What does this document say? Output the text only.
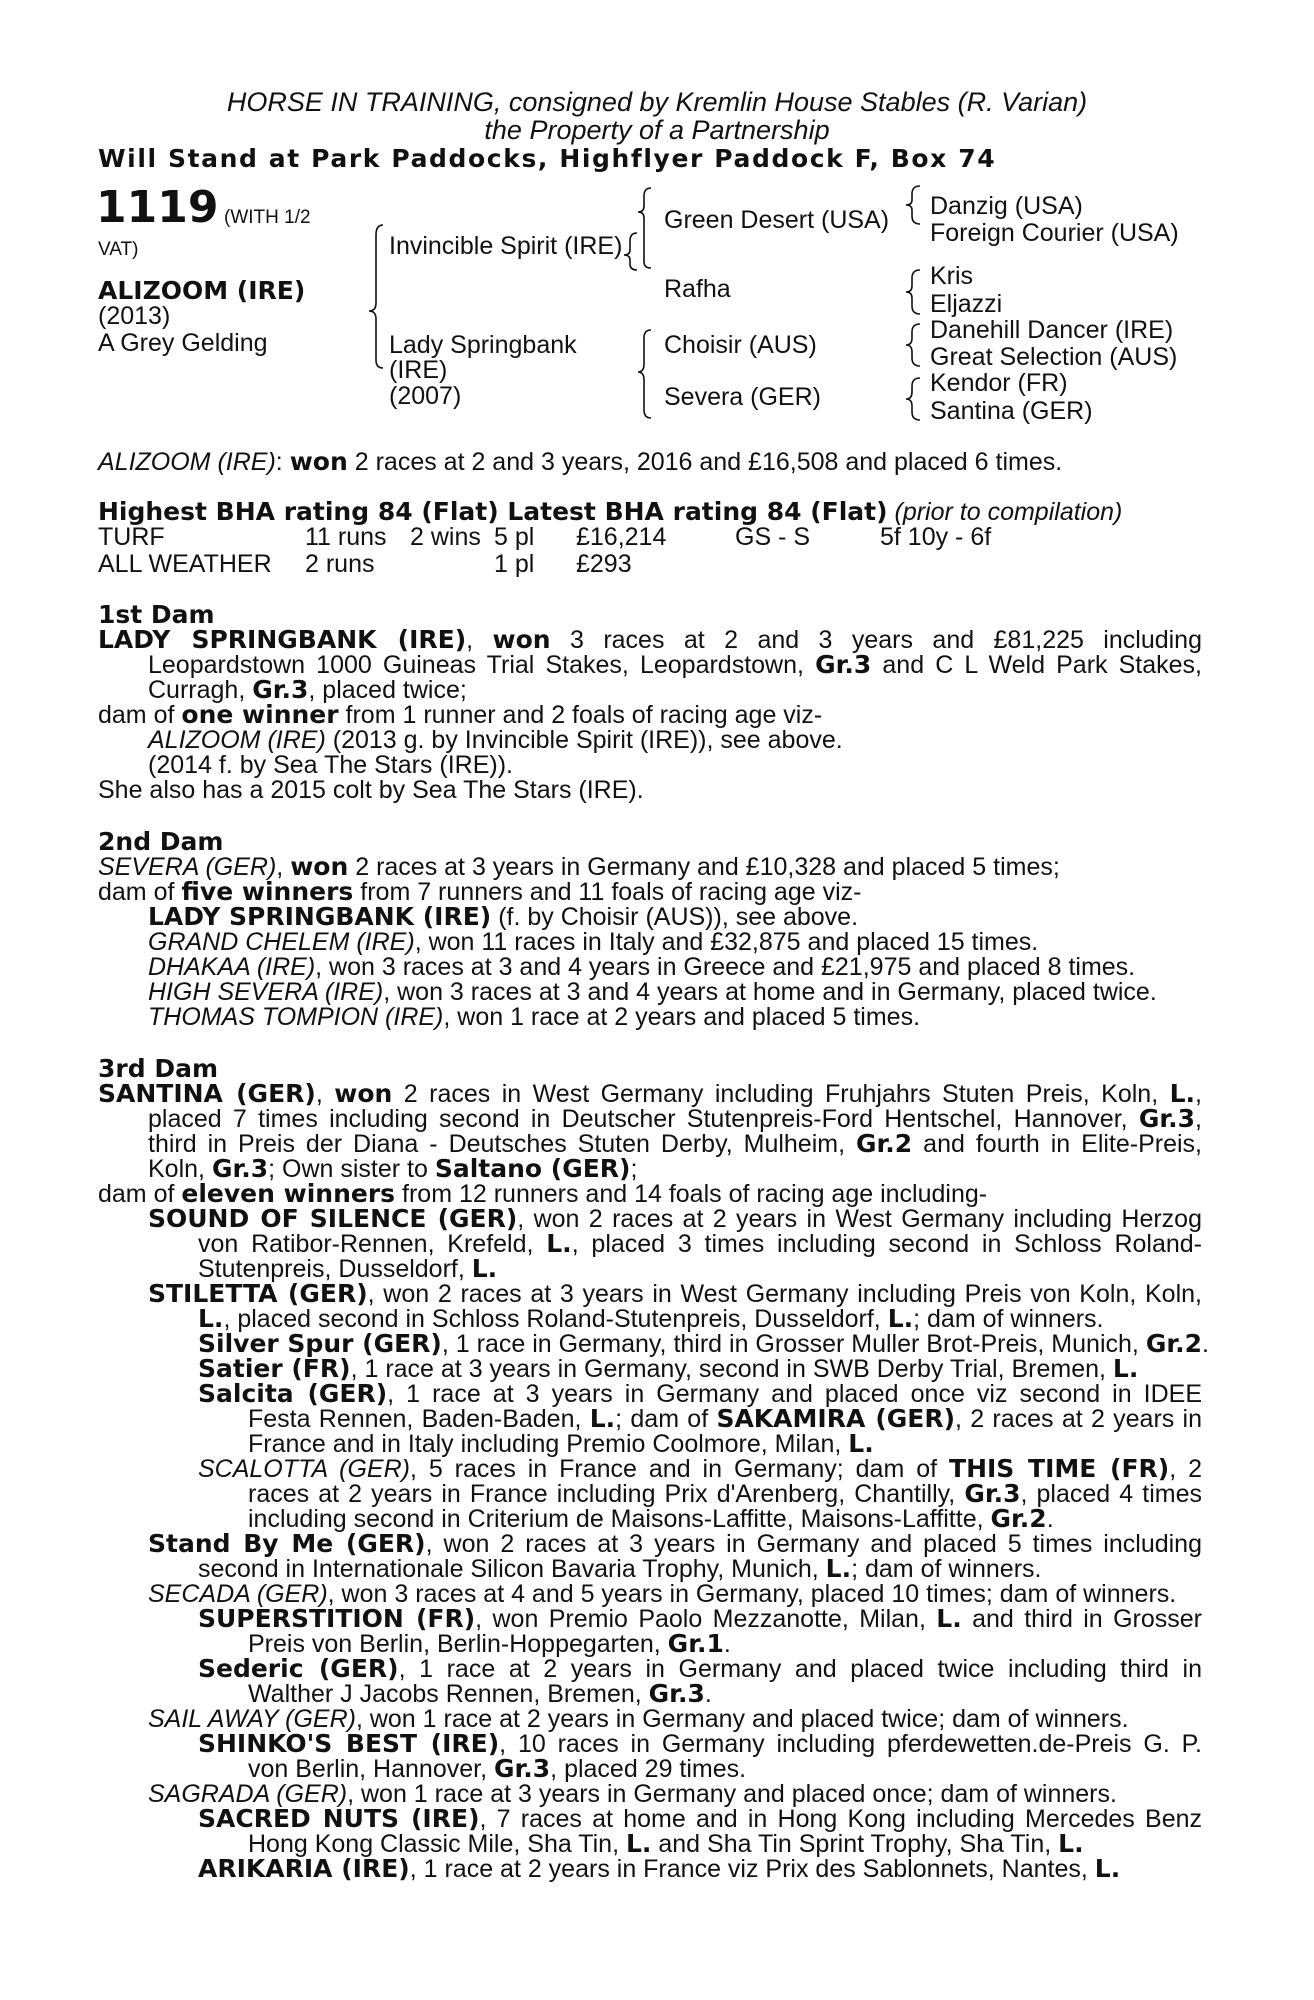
HORSE IN TRAINING, consigned by Kremlin House Stables (R. Varian)
the Property of a Partnership
Will Stand at Park Paddocks, Highflyer Paddock F, Box 74
1119 (WITH 1/2
VAT)
ALIZOOM (IRE)
(2013)
A Grey Gelding
Invincible Spirit (IRE)
Lady Springbank
(IRE)
(2007)
Green Desert (USA)
Rafha
Choisir (AUS)
Severa (GER)
Danzig (USA)
Foreign Courier (USA)
Kris
Eljazzi
Danehill Dancer (IRE)
Great Selection (AUS)
Kendor (FR)
Santina (GER)
ALIZOOM (IRE): won 2 races at 2 and 3 years, 2016 and £16,508 and placed 6 times.
Highest BHA rating 84 (Flat) Latest BHA rating 84 (Flat) (prior to compilation)
TURF	11 runs 2 wins 5 pl £16,214	GS - S	5f 10y - 6f
ALL WEATHER 2 runs	1 pl £293
1st Dam
LADY SPRINGBANK (IRE), won 3 races at 2 and 3 years and £81,225 including
Leopardstown 1000 Guineas Trial Stakes, Leopardstown, Gr.3 and C L Weld Park Stakes,
Curragh, Gr.3, placed twice;
dam of one winner from 1 runner and 2 foals of racing age viz-
ALIZOOM (IRE) (2013 g. by Invincible Spirit (IRE)), see above.
(2014 f. by Sea The Stars (IRE)).
She also has a 2015 colt by Sea The Stars (IRE).
2nd Dam
SEVERA (GER), won 2 races at 3 years in Germany and £10,328 and placed 5 times;
dam of five winners from 7 runners and 11 foals of racing age viz-
LADY SPRINGBANK (IRE) (f. by Choisir (AUS)), see above.
GRAND CHELEM (IRE), won 11 races in Italy and £32,875 and placed 15 times.
DHAKAA (IRE), won 3 races at 3 and 4 years in Greece and £21,975 and placed 8 times.
HIGH SEVERA (IRE), won 3 races at 3 and 4 years at home and in Germany, placed twice.
THOMAS TOMPION (IRE), won 1 race at 2 years and placed 5 times.
3rd Dam
SANTINA (GER), won 2 races in West Germany including Fruhjahrs Stuten Preis, Koln, L.,
placed 7 times including second in Deutscher Stutenpreis-Ford Hentschel, Hannover, Gr.3,
third in Preis der Diana - Deutsches Stuten Derby, Mulheim, Gr.2 and fourth in Elite-Preis,
Koln, Gr.3; Own sister to Saltano (GER);
dam of eleven winners from 12 runners and 14 foals of racing age including-
SOUND OF SILENCE (GER), won 2 races at 2 years in West Germany including Herzog
von Ratibor-Rennen, Krefeld, L., placed 3 times including second in Schloss Roland-
Stutenpreis, Dusseldorf, L.
STILETTA (GER), won 2 races at 3 years in West Germany including Preis von Koln, Koln,
L., placed second in Schloss Roland-Stutenpreis, Dusseldorf, L.; dam of winners.
Silver Spur (GER), 1 race in Germany, third in Grosser Muller Brot-Preis, Munich, Gr.2.
Satier (FR), 1 race at 3 years in Germany, second in SWB Derby Trial, Bremen, L.
Salcita (GER), 1 race at 3 years in Germany and placed once viz second in IDEE
Festa Rennen, Baden-Baden, L.; dam of SAKAMIRA (GER), 2 races at 2 years in
France and in Italy including Premio Coolmore, Milan, L.
SCALOTTA (GER), 5 races in France and in Germany; dam of THIS TIME (FR), 2
races at 2 years in France including Prix d'Arenberg, Chantilly, Gr.3, placed 4 times
including second in Criterium de Maisons-Laffitte, Maisons-Laffitte, Gr.2.
Stand By Me (GER), won 2 races at 3 years in Germany and placed 5 times including
second in Internationale Silicon Bavaria Trophy, Munich, L.; dam of winners.
SECADA (GER), won 3 races at 4 and 5 years in Germany, placed 10 times; dam of winners.
SUPERSTITION (FR), won Premio Paolo Mezzanotte, Milan, L. and third in Grosser
Preis von Berlin, Berlin-Hoppegarten, Gr.1.
Sederic (GER), 1 race at 2 years in Germany and placed twice including third in
Walther J Jacobs Rennen, Bremen, Gr.3.
SAIL AWAY (GER), won 1 race at 2 years in Germany and placed twice; dam of winners.
SHINKO'S BEST (IRE), 10 races in Germany including pferdewetten.de-Preis G. P.
von Berlin, Hannover, Gr.3, placed 29 times.
SAGRADA (GER), won 1 race at 3 years in Germany and placed once; dam of winners.
SACRED NUTS (IRE), 7 races at home and in Hong Kong including Mercedes Benz
Hong Kong Classic Mile, Sha Tin, L. and Sha Tin Sprint Trophy, Sha Tin, L.
ARIKARIA (IRE), 1 race at 2 years in France viz Prix des Sablonnets, Nantes, L.
